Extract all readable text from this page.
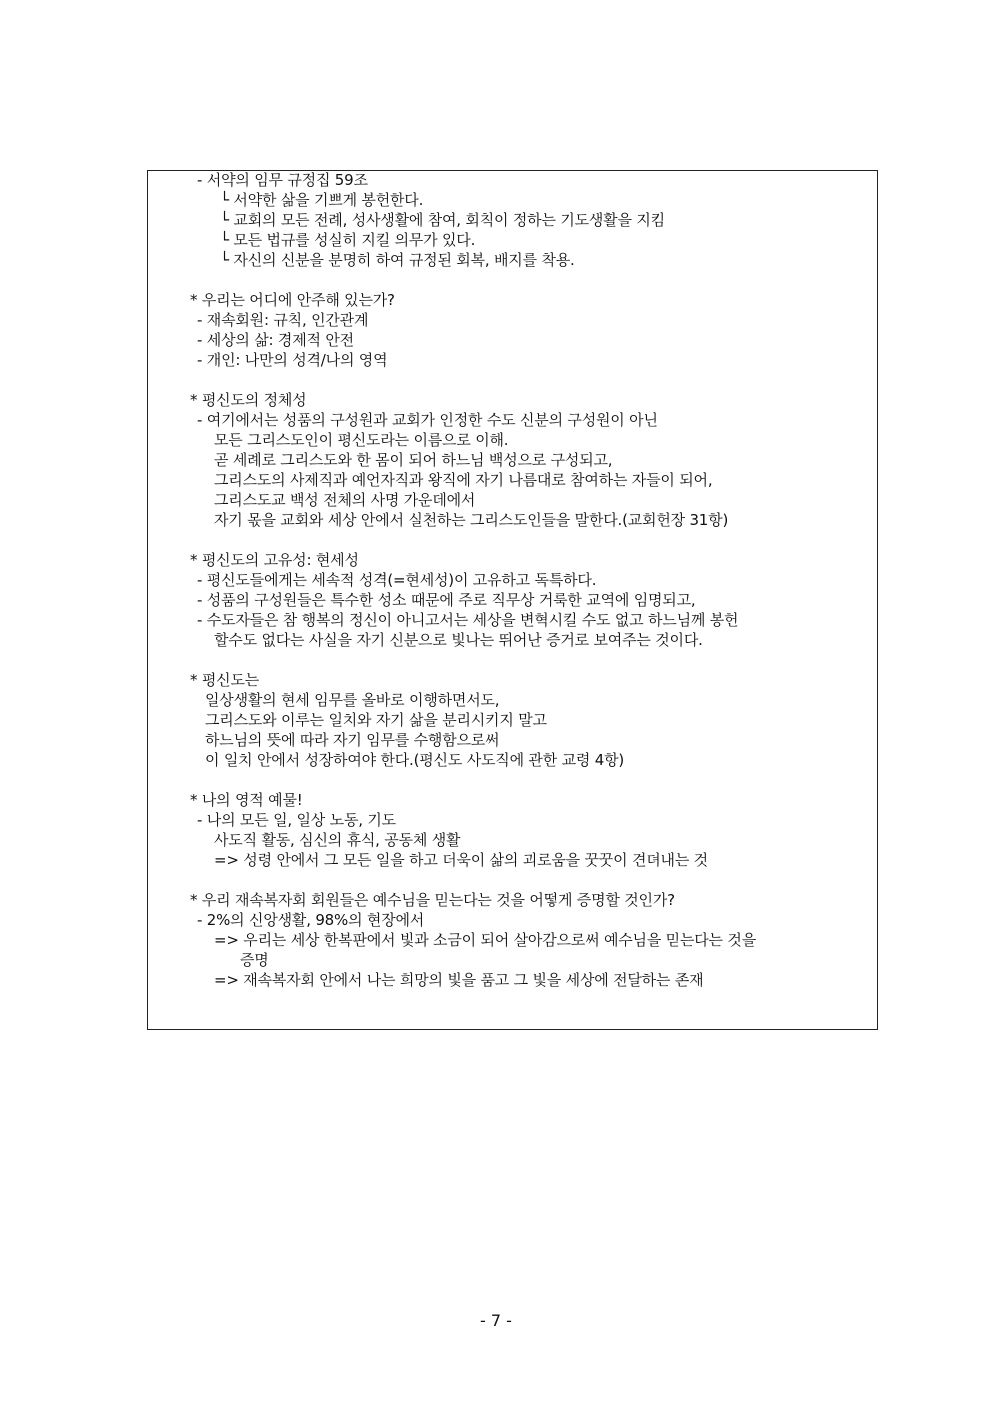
- 서약의 임무 규정집 59조
└ 서약한 삶을 기쁘게 봉헌한다.
└ 교회의 모든 전례, 성사생활에 참여, 회칙이 정하는 기도생활을 지킴
└ 모든 법규를 성실히 지킬 의무가 있다.
└ 자신의 신분을 분명히 하여 규정된 회복, 배지를 착용.
* 우리는 어디에 안주해 있는가?
- 재속회원: 규칙, 인간관계
- 세상의 삶: 경제적 안전
- 개인: 나만의 성격/나의 영역
* 평신도의 정체성
- 여기에서는 성품의 구성원과 교회가 인정한 수도 신분의 구성원이 아닌
모든 그리스도인이 평신도라는 이름으로 이해.
곧 세례로 그리스도와 한 몸이 되어 하느님 백성으로 구성되고,
그리스도의 사제직과 예언자직과 왕직에 자기 나름대로 참여하는 자들이 되어,
그리스도교 백성 전체의 사명 가운데에서
자기 몫을 교회와 세상 안에서 실천하는 그리스도인들을 말한다.(교회헌장 31항)
* 평신도의 고유성: 현세성
- 평신도들에게는 세속적 성격(=현세성)이 고유하고 독특하다.
- 성품의 구성원들은 특수한 성소 때문에 주로 직무상 거룩한 교역에 임명되고,
- 수도자들은 참 행복의 정신이 아니고서는 세상을 변혁시킬 수도 없고 하느님께 봉헌
할수도 없다는 사실을 자기 신분으로 빛나는 뛰어난 증거로 보여주는 것이다.
* 평신도는
일상생활의 현세 임무를 올바로 이행하면서도,
그리스도와 이루는 일치와 자기 삶을 분리시키지 말고
하느님의 뜻에 따라 자기 임무를 수행함으로써
이 일치 안에서 성장하여야 한다.(평신도 사도직에 관한 교령 4항)
* 나의 영적 예물!
- 나의 모든 일, 일상 노동, 기도
사도직 활동, 심신의 휴식, 공동체 생활
=> 성령 안에서 그 모든 일을 하고 더욱이 삶의 괴로움을 꿋꿋이 견뎌내는 것
* 우리 재속복자회 회원들은 예수님을 믿는다는 것을 어떻게 증명할 것인가?
- 2%의 신앙생활, 98%의 현장에서
=> 우리는 세상 한복판에서 빛과 소금이 되어 살아감으로써 예수님을 믿는다는 것을
증명
=> 재속복자회 안에서 나는 희망의 빛을 품고 그 빛을 세상에 전달하는 존재
- 7 -
